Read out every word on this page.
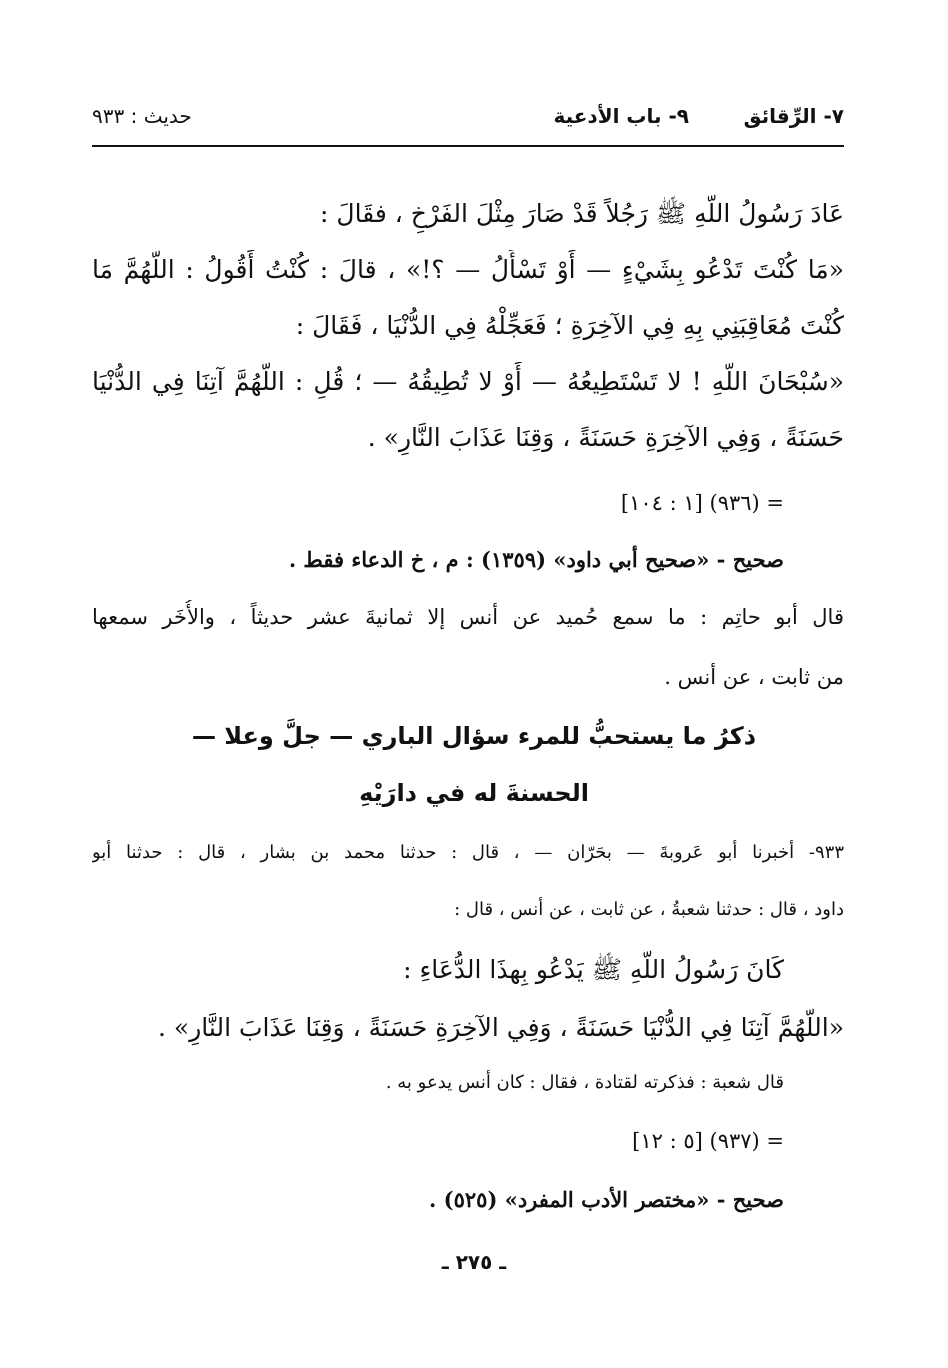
٧- الرِّقائق
٩- باب الأدعية
حديث : ٩٣٣
عَادَ رَسُولُ اللَّهِ ﷺ رَجُلاً قَدْ صَارَ مِثْلَ الفَرْخِ ، فقَالَ :
«مَا كُنْتَ تَدْعُو بِشَيْءٍ — أَوْ تَسْأَلُ — ؟!» ، قالَ : كُنْتُ أَقُولُ : اللَّهُمَّ مَا
كُنْتَ مُعَاقِبَنِي بِهِ فِي الآخِرَةِ ؛ فَعَجِّلْهُ فِي الدُّنْيَا ، فَقَالَ :
«سُبْحَانَ اللَّهِ ! لا تَسْتَطِيعُهُ — أَوْ لا تُطِيقُهُ — ؛ قُلِ : اللَّهُمَّ آتِنَا فِي الدُّنْيَا
حَسَنَةً ، وَفِي الآخِرَةِ حَسَنَةً ، وَقِنَا عَذَابَ النَّارِ» .
= (٩٣٦) [١ : ١٠٤]
صحيح - «صحيح أبي داود» (١٣٥٩) : م ، خ الدعاء فقط .
قال أبو حاتِم : ما سمع حُميد عن أنس إلا ثمانيةَ عشر حديثاً ، والأُخَر سمعها
من ثابت ، عن أنس .
ذكرُ ما يستحبُّ للمرء سؤال الباري — جلَّ وعلا —
الحسنةَ له في دارَيْهِ
٩٣٣- أخبرنا أبو عَروبةَ — بحَرّان — ، قال : حدثنا محمد بن بشار ، قال : حدثنا أبو
داود ، قال : حدثنا شعبةُ ، عن ثابت ، عن أنس ، قال :
كَانَ رَسُولُ اللَّهِ ﷺ يَدْعُو بِهذَا الدُّعَاءِ :
«اللَّهُمَّ آتِنَا فِي الدُّنْيَا حَسَنَةً ، وَفِي الآخِرَةِ حَسَنَةً ، وَقِنَا عَذَابَ النَّارِ» .
قال شعبة : فذكرته لقتادة ، فقال : كان أنس يدعو به .
= (٩٣٧) [٥ : ١٢]
صحيح - «مختصر الأدب المفرد» (٥٢٥) .
ـ ٢٧٥ ـ
